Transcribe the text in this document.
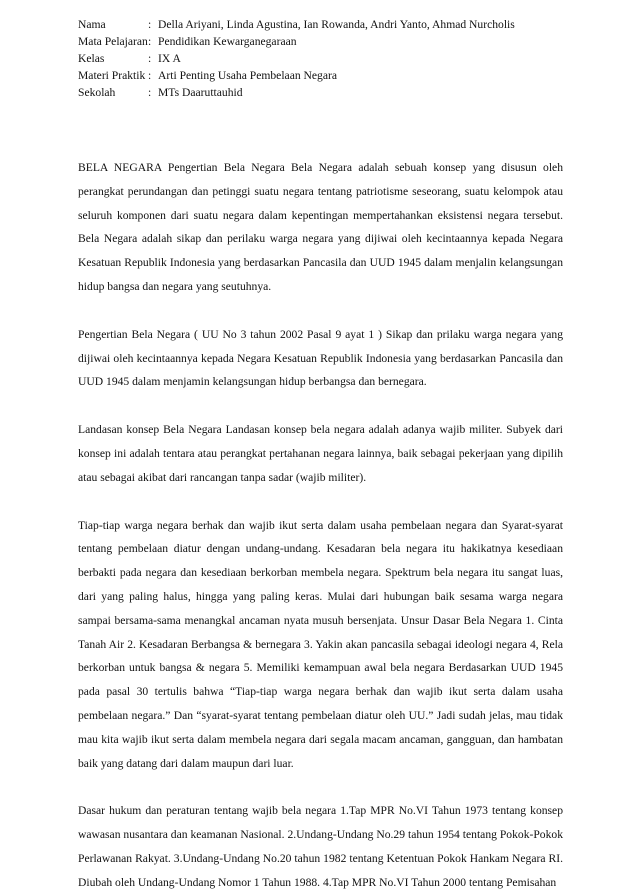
Nama	: Della Ariyani, Linda Agustina, Ian Rowanda, Andri Yanto, Ahmad Nurcholis
Mata Pelajaran : Pendidikan Kewarganegaraan
Kelas	: IX A
Materi Praktik : Arti Penting Usaha Pembelaan Negara
Sekolah	: MTs Daaruttauhid

BELA NEGARA Pengertian Bela Negara Bela Negara adalah sebuah konsep yang disusun oleh perangkat perundangan dan petinggi suatu negara tentang patriotisme seseorang, suatu kelompok atau seluruh komponen dari suatu negara dalam kepentingan mempertahankan eksistensi negara tersebut. Bela Negara adalah sikap dan perilaku warga negara yang dijiwai oleh kecintaannya kepada Negara Kesatuan Republik Indonesia yang berdasarkan Pancasila dan UUD 1945 dalam menjalin kelangsungan hidup bangsa dan negara yang seutuhnya.

Pengertian Bela Negara ( UU No 3 tahun 2002 Pasal 9 ayat 1 ) Sikap dan prilaku warga negara yang dijiwai oleh kecintaannya kepada Negara Kesatuan Republik Indonesia yang berdasarkan Pancasila dan UUD 1945 dalam menjamin kelangsungan hidup berbangsa dan bernegara.

Landasan konsep Bela Negara Landasan konsep bela negara adalah adanya wajib militer. Subyek dari konsep ini adalah tentara atau perangkat pertahanan negara lainnya, baik sebagai pekerjaan yang dipilih atau sebagai akibat dari rancangan tanpa sadar (wajib militer).

Tiap-tiap warga negara berhak dan wajib ikut serta dalam usaha pembelaan negara dan Syarat-syarat tentang pembelaan diatur dengan undang-undang. Kesadaran bela negara itu hakikatnya kesediaan berbakti pada negara dan kesediaan berkorban membela negara. Spektrum bela negara itu sangat luas, dari yang paling halus, hingga yang paling keras. Mulai dari hubungan baik sesama warga negara sampai bersama-sama menangkal ancaman nyata musuh bersenjata. Unsur Dasar Bela Negara 1. Cinta Tanah Air 2. Kesadaran Berbangsa & bernegara 3. Yakin akan pancasila sebagai ideologi negara 4, Rela berkorban untuk bangsa & negara 5. Memiliki kemampuan awal bela negara Berdasarkan UUD 1945 pada pasal 30 tertulis bahwa “Tiap-tiap warga negara berhak dan wajib ikut serta dalam usaha pembelaan negara.” Dan “syarat-syarat tentang pembelaan diatur oleh UU.” Jadi sudah jelas, mau tidak mau kita wajib ikut serta dalam membela negara dari segala macam ancaman, gangguan, dan hambatan baik yang datang dari dalam maupun dari luar.

Dasar hukum dan peraturan tentang wajib bela negara 1.Tap MPR No.VI Tahun 1973 tentang konsep wawasan nusantara dan keamanan Nasional. 2.Undang-Undang No.29 tahun 1954 tentang Pokok-Pokok Perlawanan Rakyat. 3.Undang-Undang No.20 tahun 1982 tentang Ketentuan Pokok Hankam Negara RI. Diubah oleh Undang-Undang Nomor 1 Tahun 1988. 4.Tap MPR No.VI Tahun 2000 tentang Pemisahan
